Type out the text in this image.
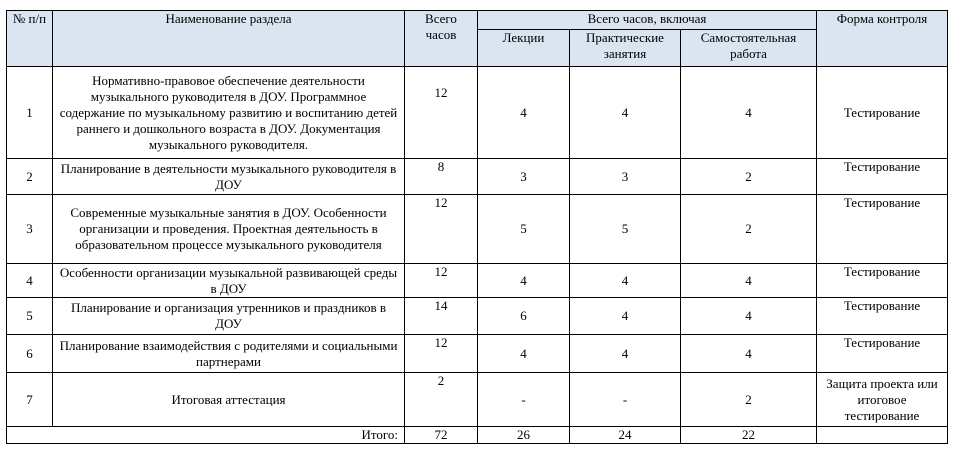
№ п/п	Наименование раздела	Всего часов	Всего часов, включая			Форма контроля
			Лекции	Практические занятия	Самостоятельная работа	
1	Нормативно-правовое обеспечение деятельности музыкального руководителя в ДОУ. Программное содержание по музыкальному развитию и воспитанию детей раннего и дошкольного возраста в ДОУ. Документация музыкального руководителя.	12	4	4	4	Тестирование
2	Планирование в деятельности музыкального руководителя в ДОУ	8	3	3	2	Тестирование
3	Современные музыкальные занятия в ДОУ. Особенности организации и проведения. Проектная деятельность в образовательном процессе музыкального руководителя	12	5	5	2	Тестирование
4	Особенности организации музыкальной развивающей среды в ДОУ	12	4	4	4	Тестирование
5	Планирование и организация утренников и праздников в ДОУ	14	6	4	4	Тестирование
6	Планирование взаимодействия с родителями и социальными партнерами	12	4	4	4	Тестирование
7	Итоговая аттестация	2	-	-	2	Защита проекта или итоговое тестирование
Итого:		72	26	24	22	
